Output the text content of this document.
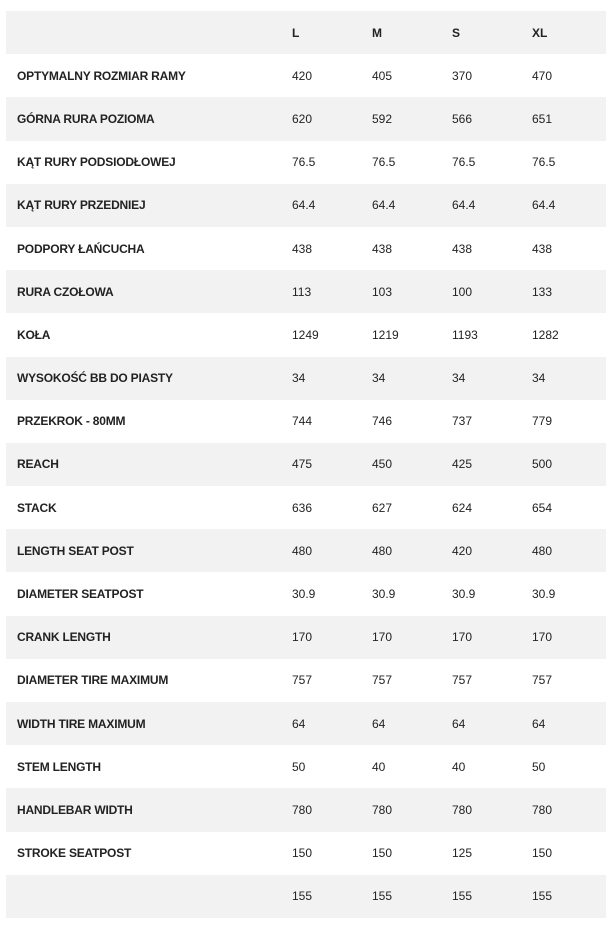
	L	M	S	XL
OPTYMALNY ROZMIAR RAMY	420	405	370	470
GÓRNA RURA POZIOMA	620	592	566	651
KĄT RURY PODSIODŁOWEJ	76.5	76.5	76.5	76.5
KĄT RURY PRZEDNIEJ	64.4	64.4	64.4	64.4
PODPORY ŁAŃCUCHA	438	438	438	438
RURA CZOŁOWA	113	103	100	133
KOŁA	1249	1219	1193	1282
WYSOKOŚĆ BB DO PIASTY	34	34	34	34
PRZEKROK - 80MM	744	746	737	779
REACH	475	450	425	500
STACK	636	627	624	654
LENGTH SEAT POST	480	480	420	480
DIAMETER SEATPOST	30.9	30.9	30.9	30.9
CRANK LENGTH	170	170	170	170
DIAMETER TIRE MAXIMUM	757	757	757	757
WIDTH TIRE MAXIMUM	64	64	64	64
STEM LENGTH	50	40	40	50
HANDLEBAR WIDTH	780	780	780	780
STROKE SEATPOST	150	150	125	150
	155	155	155	155
